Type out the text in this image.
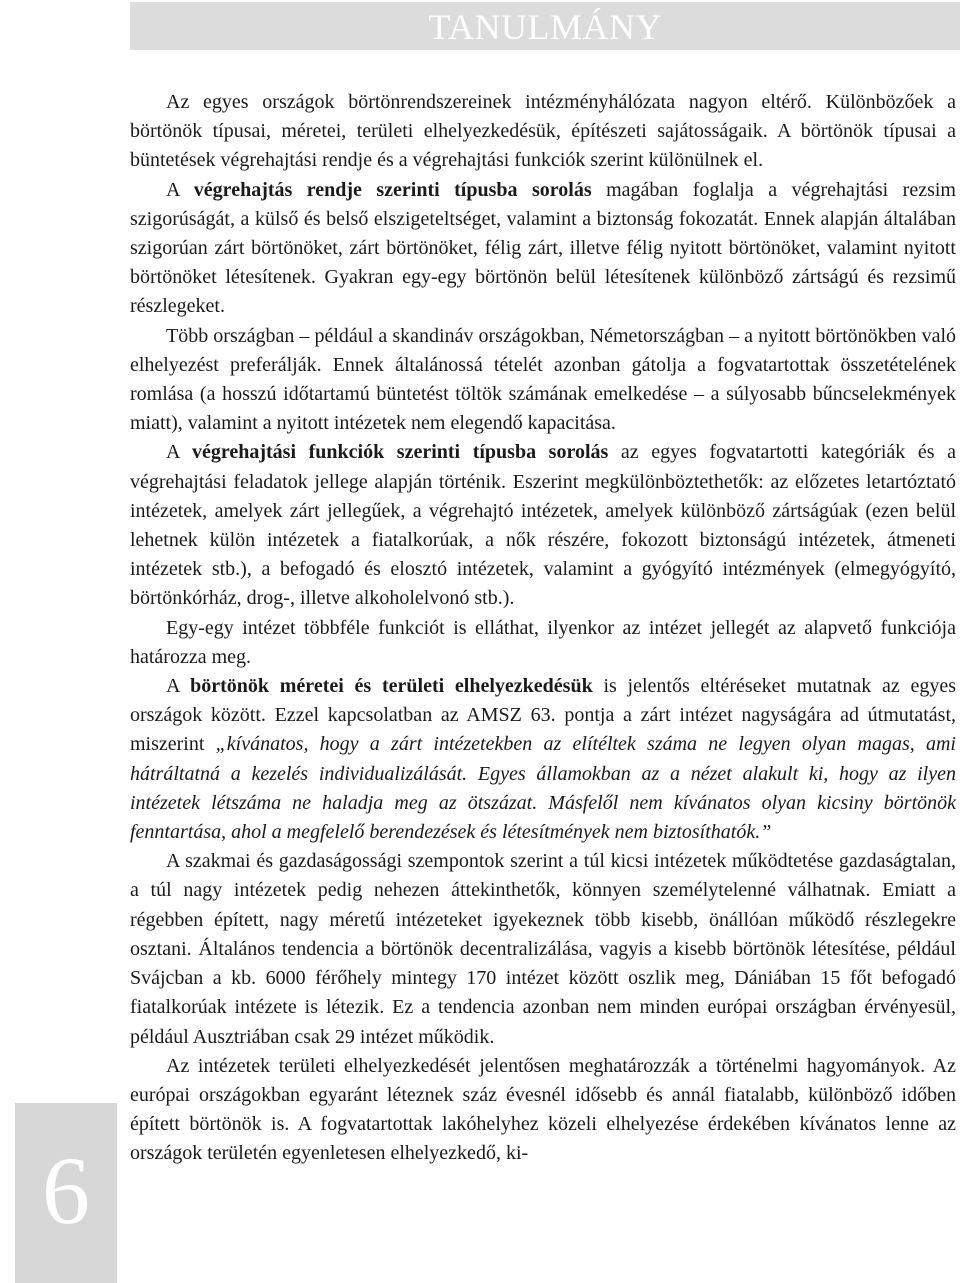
TANULMÁNY

Az egyes országok börtönrendszereinek intézményhálózata nagyon eltérő. Különbözőek a börtönök típusai, méretei, területi elhelyezkedésük, építészeti sajátosságaik. A börtönök típusai a büntetések végrehajtási rendje és a végrehajtási funkciók szerint különülnek el.

A végrehajtás rendje szerinti típusba sorolás magában foglalja a végrehajtási rezsim szigorúságát, a külső és belső elszigeteltséget, valamint a biztonság fokozatát. Ennek alapján általában szigorúan zárt börtönöket, zárt börtönöket, félig zárt, illetve félig nyitott börtönöket, valamint nyitott börtönöket létesítenek. Gyakran egy-egy börtönön belül létesítenek különböző zártságú és rezsimű részlegeket.

Több országban – például a skandináv országokban, Németországban – a nyitott börtönökben való elhelyezést preferálják. Ennek általánossá tételét azonban gátolja a fogvatartottak összetételének romlása (a hosszú időtartamú büntetést töltök számának emelkedése – a súlyosabb bűncselekmények miatt), valamint a nyitott intézetek nem elegendő kapacitása.

A végrehajtási funkciók szerinti típusba sorolás az egyes fogvatartotti kategóriák és a végrehajtási feladatok jellege alapján történik. Eszerint megkülönböztethetők: az előzetes letartóztató intézetek, amelyek zárt jellegűek, a végrehajtó intézetek, amelyek különböző zártságúak (ezen belül lehetnek külön intézetek a fiatalkorúak, a nők részére, fokozott biztonságú intézetek, átmeneti intézetek stb.), a befogadó és elosztó intézetek, valamint a gyógyító intézmények (elmegyógyító, börtönkórház, drog-, illetve alkoholelvonó stb.).

Egy-egy intézet többféle funkciót is elláthat, ilyenkor az intézet jellegét az alapvető funkciója határozza meg.

A börtönök méretei és területi elhelyezkedésük is jelentős eltéréseket mutatnak az egyes országok között. Ezzel kapcsolatban az AMSZ 63. pontja a zárt intézet nagyságára ad útmutatást, miszerint „kívánatos, hogy a zárt intézetekben az elítéltek száma ne legyen olyan magas, ami hátráltatná a kezelés individualizálását. Egyes államokban az a nézet alakult ki, hogy az ilyen intézetek létszáma ne haladja meg az ötszázat. Másfelől nem kívánatos olyan kicsiny börtönök fenntartása, ahol a megfelelő berendezések és létesítmények nem biztosíthatók.”

A szakmai és gazdaságossági szempontok szerint a túl kicsi intézetek működtetése gazdaságtalan, a túl nagy intézetek pedig nehezen áttekinthetők, könnyen személytelenné válhatnak. Emiatt a régebben épített, nagy méretű intézeteket igyekeznek több kisebb, önállóan működő részlegekre osztani. Általános tendencia a börtönök decentralizálása, vagyis a kisebb börtönök létesítése, például Svájcban a kb. 6000 férőhely mintegy 170 intézet között oszlik meg, Dániában 15 főt befogadó fiatalkorúak intézete is létezik. Ez a tendencia azonban nem minden európai országban érvényesül, például Ausztriában csak 29 intézet működik.

Az intézetek területi elhelyezkedését jelentősen meghatározzák a történelmi hagyományok. Az európai országokban egyaránt léteznek száz évesnél idősebb és annál fiatalabb, különböző időben épített börtönök is. A fogvatartottak lakóhelyhez közeli elhelyezése érdekében kívánatos lenne az országok területén egyenletesen elhelyezkedő, ki-

6
